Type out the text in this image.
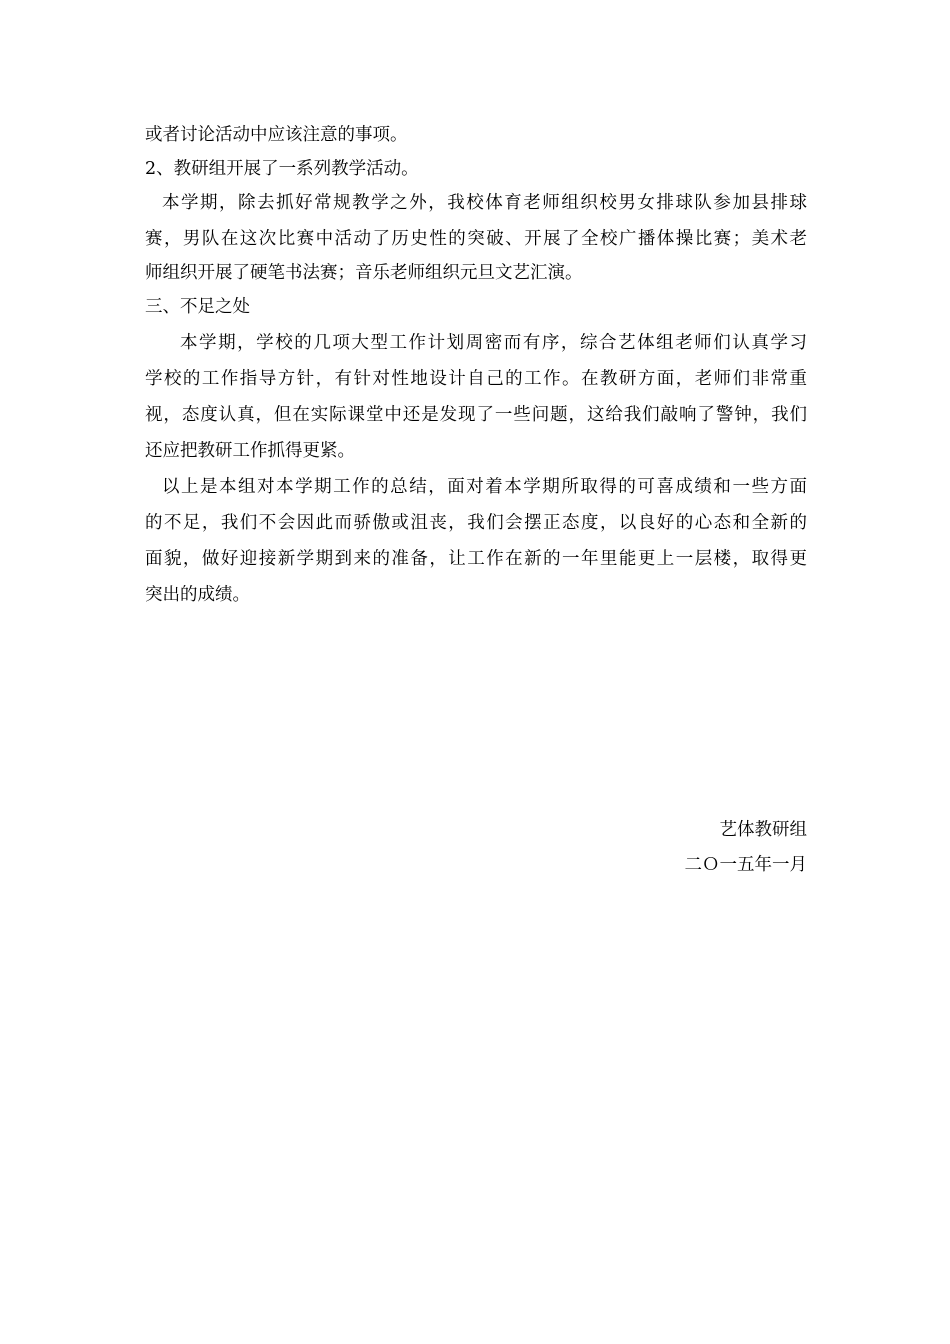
或者讨论活动中应该注意的事项。
2、教研组开展了一系列教学活动。
本学期，除去抓好常规教学之外，我校体育老师组织校男女排球队参加县排球
赛，男队在这次比赛中活动了历史性的突破、开展了全校广播体操比赛；美术老
师组织开展了硬笔书法赛；音乐老师组织元旦文艺汇演。
三、不足之处
本学期，学校的几项大型工作计划周密而有序，综合艺体组老师们认真学习
学校的工作指导方针，有针对性地设计自己的工作。在教研方面，老师们非常重
视，态度认真，但在实际课堂中还是发现了一些问题，这给我们敲响了警钟，我们
还应把教研工作抓得更紧。
以上是本组对本学期工作的总结，面对着本学期所取得的可喜成绩和一些方面
的不足，我们不会因此而骄傲或沮丧，我们会摆正态度，以良好的心态和全新的
面貌，做好迎接新学期到来的准备，让工作在新的一年里能更上一层楼，取得更
突出的成绩。
艺体教研组
二Ｏ一五年一月
